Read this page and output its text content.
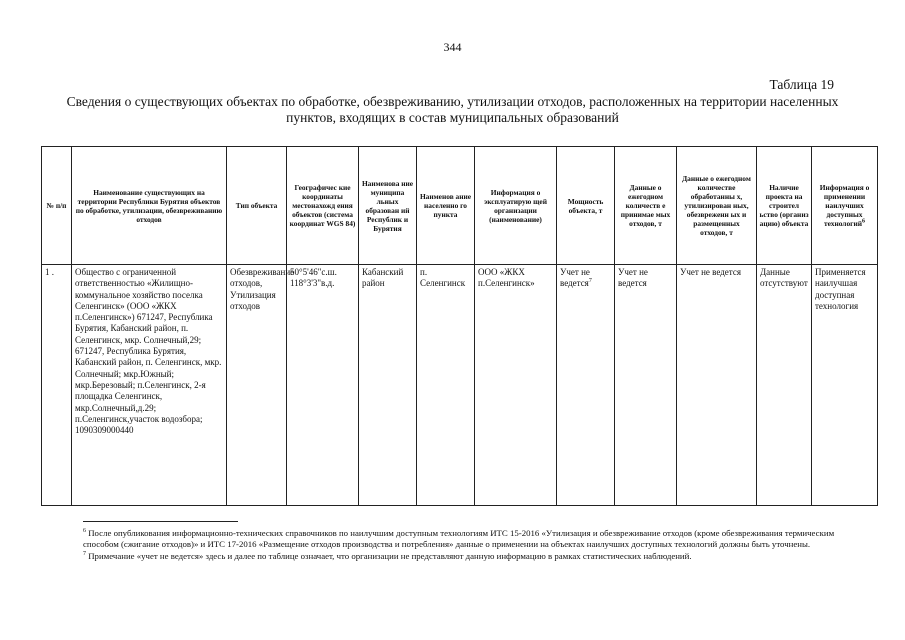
344
Таблица 19
Сведения о существующих объектах по обработке, обезвреживанию, утилизации отходов, расположенных на территории населенных пунктов, входящих в состав муниципальных образований
№ п/п	Наименование существующих на территории Республики Бурятия объектов по обработке, утилизации, обезвреживанию отходов	Тип объекта	Географичес кие координаты местонахожд ения объектов (система координат WGS 84)	Наименова ние муниципа льных образован ий Республик и Бурятия	Наименов ание населенно го пункта	Информация о эксплуатирую щей организации (наименование)	Мощность объекта, т	Данные о ежегодном количеств е принимае мых отходов, т	Данные о ежегодном количестве обработанны х, утилизирован ных, обезвреженн ых и размещенных отходов, т	Наличие проекта на строител ьство (организ ацию) объекта	Информация о применении наилучших доступных технологий$^6$
1 .	Общество с ограниченной ответственностью «Жилищно-коммунальное хозяйство поселка Селенгинск» (ООО «ЖКХ п.Селенгинск») 671247, Республика Бурятия, Кабанский район, п. Селенгинск, мкр. Солнечный,29; 671247, Республика Бурятия, Кабанский район, п. Селенгинск, мкр. Солнечный; мкр.Южный; мкр.Березовый; п.Селенгинск, 2-я площадка Селенгинск, мкр.Солнечный,д.29; п.Селенгинск,участок водозбора; 1090309000440	Обезвреживание отходов, Утилизация отходов	50°5'46"с.ш. 118°3'3"в.д.	Кабанский район	п. Селенгинск	ООО «ЖКХ п.Селенгинск»	Учет не ведется$^7$	Учет не ведется	Учет не ведется	Данные отсутствуют	Применяется наилучшая доступная технология

$^6$ После опубликования информационно-технических справочников по наилучшим доступным технологиям ИТС 15-2016 «Утилизация и обезвреживание отходов (кроме обезвреживания термическим способом (сжигание отходов)» и ИТС 17-2016 «Размещение отходов производства и потребления» данные о применении на объектах наилучших доступных технологий должны быть уточнены.

$^7$ Примечание «учет не ведется» здесь и далее по таблице означает, что организации не представляют данную информацию в рамках статистических наблюдений.
